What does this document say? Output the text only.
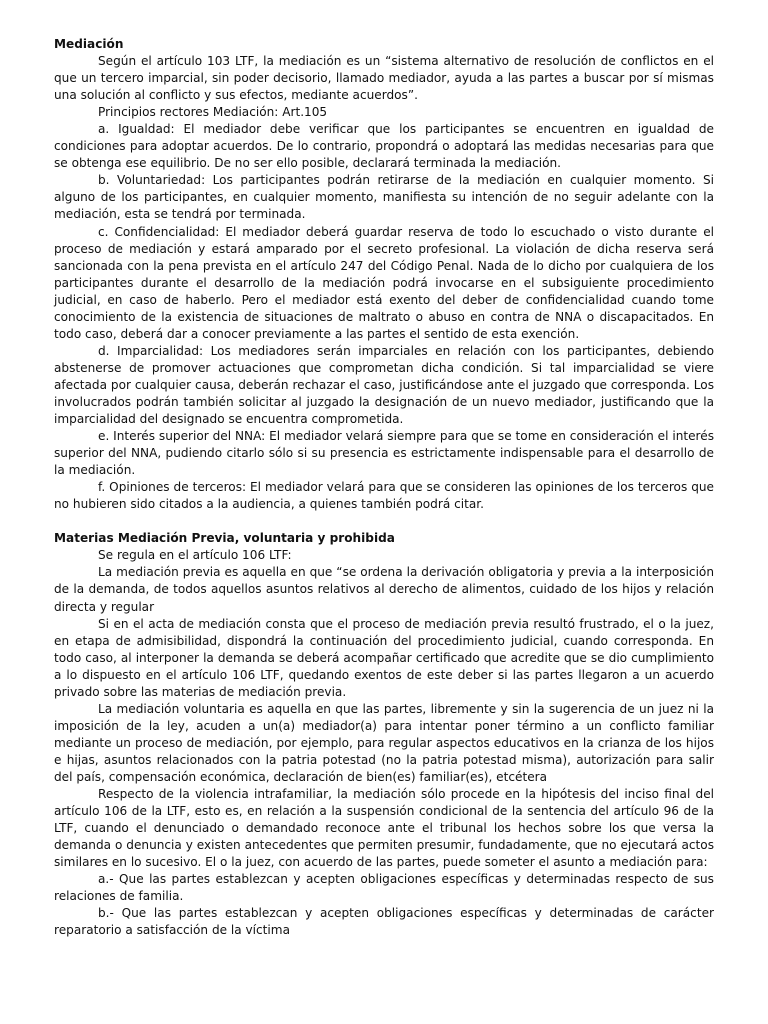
Mediación

Según el artículo 103 LTF, la mediación es un “sistema alternativo de resolución de conflictos en el que un tercero imparcial, sin poder decisorio, llamado mediador, ayuda a las partes a buscar por sí mismas una solución al conflicto y sus efectos, mediante acuerdos”.

Principios rectores Mediación: Art.105

a. Igualdad: El mediador debe verificar que los participantes se encuentren en igualdad de condiciones para adoptar acuerdos. De lo contrario, propondrá o adoptará las medidas necesarias para que se obtenga ese equilibrio. De no ser ello posible, declarará terminada la mediación.

b. Voluntariedad: Los participantes podrán retirarse de la mediación en cualquier momento. Si alguno de los participantes, en cualquier momento, manifiesta su intención de no seguir adelante con la mediación, esta se tendrá por terminada.

c. Confidencialidad: El mediador deberá guardar reserva de todo lo escuchado o visto durante el proceso de mediación y estará amparado por el secreto profesional. La violación de dicha reserva será sancionada con la pena prevista en el artículo 247 del Código Penal. Nada de lo dicho por cualquiera de los participantes durante el desarrollo de la mediación podrá invocarse en el subsiguiente procedimiento judicial, en caso de haberlo. Pero el mediador está exento del deber de confidencialidad cuando tome conocimiento de la existencia de situaciones de maltrato o abuso en contra de NNA o discapacitados. En todo caso, deberá dar a conocer previamente a las partes el sentido de esta exención.

d. Imparcialidad: Los mediadores serán imparciales en relación con los participantes, debiendo abstenerse de promover actuaciones que comprometan dicha condición. Si tal imparcialidad se viere afectada por cualquier causa, deberán rechazar el caso, justificándose ante el juzgado que corresponda. Los involucrados podrán también solicitar al juzgado la designación de un nuevo mediador, justificando que la imparcialidad del designado se encuentra comprometida.

e. Interés superior del NNA: El mediador velará siempre para que se tome en consideración el interés superior del NNA, pudiendo citarlo sólo si su presencia es estrictamente indispensable para el desarrollo de la mediación.

f. Opiniones de terceros: El mediador velará para que se consideren las opiniones de los terceros que no hubieren sido citados a la audiencia, a quienes también podrá citar.

Materias Mediación Previa, voluntaria y prohibida

Se regula en el artículo 106 LTF:

La mediación previa es aquella en que “se ordena la derivación obligatoria y previa a la interposición de la demanda, de todos aquellos asuntos relativos al derecho de alimentos, cuidado de los hijos y relación directa y regular

Si en el acta de mediación consta que el proceso de mediación previa resultó frustrado, el o la juez, en etapa de admisibilidad, dispondrá la continuación del procedimiento judicial, cuando corresponda. En todo caso, al interponer la demanda se deberá acompañar certificado que acredite que se dio cumplimiento a lo dispuesto en el artículo 106 LTF, quedando exentos de este deber si las partes llegaron a un acuerdo privado sobre las materias de mediación previa.

La mediación voluntaria es aquella en que las partes, libremente y sin la sugerencia de un juez ni la imposición de la ley, acuden a un(a) mediador(a) para intentar poner término a un conflicto familiar mediante un proceso de mediación, por ejemplo, para regular aspectos educativos en la crianza de los hijos e hijas, asuntos relacionados con la patria potestad (no la patria potestad misma), autorización para salir del país, compensación económica, declaración de bien(es) familiar(es), etcétera

Respecto de la violencia intrafamiliar, la mediación sólo procede en la hipótesis del inciso final del artículo 106 de la LTF, esto es, en relación a la suspensión condicional de la sentencia del artículo 96 de la LTF, cuando el denunciado o demandado reconoce ante el tribunal los hechos sobre los que versa la demanda o denuncia y existen antecedentes que permiten presumir, fundadamente, que no ejecutará actos similares en lo sucesivo. El o la juez, con acuerdo de las partes, puede someter el asunto a mediación para:

a.- Que las partes establezcan y acepten obligaciones específicas y determinadas respecto de sus relaciones de familia.

b.- Que las partes establezcan y acepten obligaciones específicas y determinadas de carácter reparatorio a satisfacción de la víctima
